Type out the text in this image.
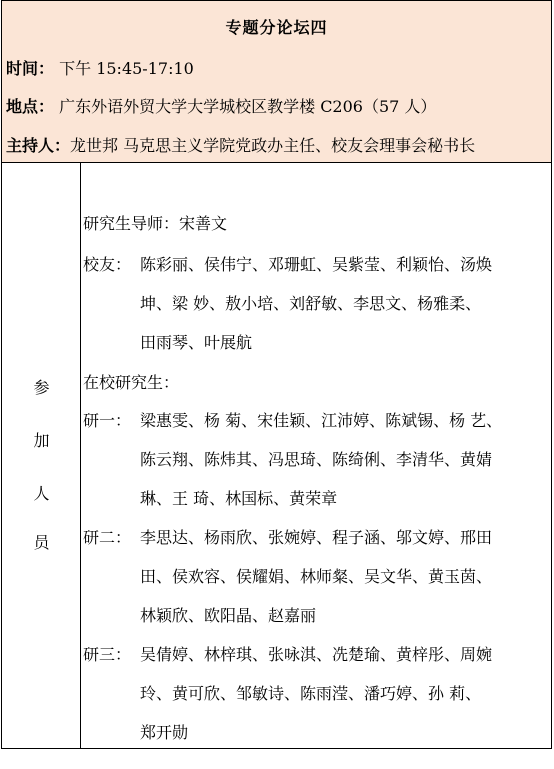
专题分论坛四
时间： 下午 15:45-17:10
地点： 广东外语外贸大学大学城校区教学楼 C206（57 人）
主持人：龙世邦 马克思主义学院党政办主任、校友会理事会秘书长
参
加
人
员
研究生导师：宋善文
校友： 陈彩丽、侯伟宁、邓珊虹、吴紫莹、利颖怡、汤焕
坤、梁 妙、敖小培、刘舒敏、李思文、杨雅柔、
田雨琴、叶展航
在校研究生：
研一： 梁惠雯、杨 菊、宋佳颖、江沛婷、陈斌锡、杨 艺、
陈云翔、陈炜其、冯思琦、陈绮俐、李清华、黄婧
琳、王 琦、林国标、黄荣章
研二： 李思达、杨雨欣、张婉婷、程子涵、邬文婷、邢田
田、侯欢容、侯耀娟、林师粲、吴文华、黄玉茵、
林颖欣、欧阳晶、赵嘉丽
研三： 吴倩婷、林梓琪、张咏淇、冼楚瑜、黄梓彤、周婉
玲、黄可欣、邹敏诗、陈雨滢、潘巧婷、孙 莉、
郑开勋
